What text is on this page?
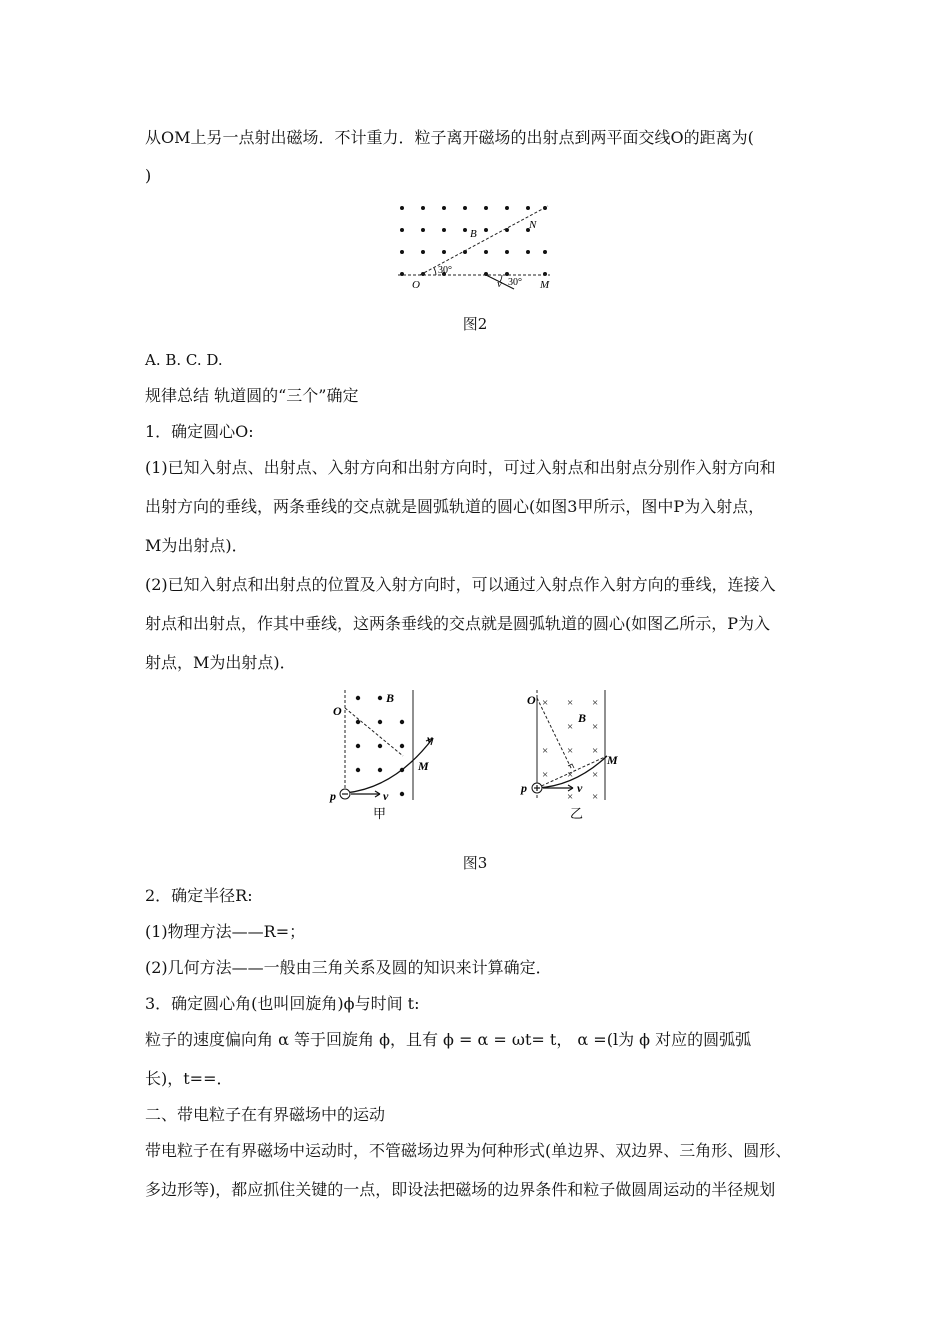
从OM上另一点射出磁场．不计重力．粒子离开磁场的出射点到两平面交线O的距离为(
)
B
N
O
30°
v 30° M
图2
A. B. C. D.
规律总结 轨道圆的“三个”确定
1．确定圆心O:
(1)已知入射点、出射点、入射方向和出射方向时，可过入射点和出射点分别作入射方向和
出射方向的垂线，两条垂线的交点就是圆弧轨道的圆心(如图3甲所示，图中P为入射点，
M为出射点)．
(2)已知入射点和出射点的位置及入射方向时，可以通过入射点作入射方向的垂线，连接入
射点和出射点，作其中垂线，这两条垂线的交点就是圆弧轨道的圆心(如图乙所示，P为入
射点，M为出射点)．
O
B
v
M
p	v
甲
× × ×
× ×
× × ×
× × ×
× ×
O
B
M
p	v
乙
图3
2．确定半径R:
(1)物理方法——R=；
(2)几何方法——一般由三角关系及圆的知识来计算确定．
3．确定圆心角(也叫回旋角)ϕ与时间 t:
粒子的速度偏向角 α 等于回旋角 ϕ，且有 ϕ = α = ωt= t， α =(l为 ϕ 对应的圆弧弧
长)，t==．
二、带电粒子在有界磁场中的运动
带电粒子在有界磁场中运动时，不管磁场边界为何种形式(单边界、双边界、三角形、圆形、
多边形等)，都应抓住关键的一点，即设法把磁场的边界条件和粒子做圆周运动的半径规划
